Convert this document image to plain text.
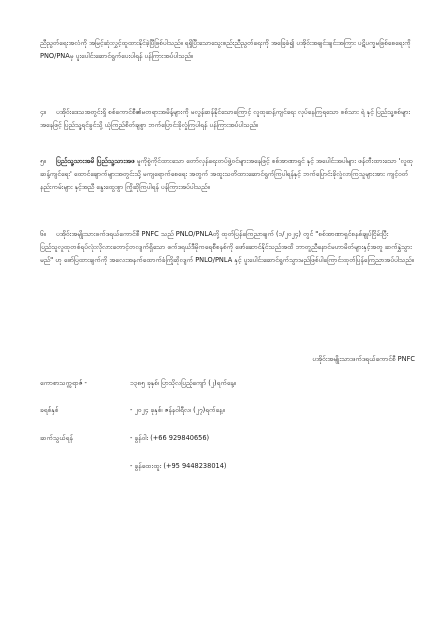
ညီညွတ်ရေးအလံကို အမြင့်ဆုံးလွှင့်ထူထားနိုင်ခဲ့ပြီဖြစ်ပါသည်။ ရရှိပြီးသောသွေးစည်းညီညွတ်ရေးကို အခြေခံ၍ ပအိုဝ်းအချင်းချင်းအကြား ပဋိပက္ခမဖြစ်စေရေးကို PNO/PNAမှ ပူးပေါင်းဆောင်ရွက်ပေးပါရန် ပန်ကြားအပ်ပါသည်။

၄။ ပအိုဝ်းဒေသအတွင်းရှိ စစ်ကောင်စီ၏မတရားအမိန့်များကို မလွန်ဆန်နိုင်သောကြောင့် လူထုဆန့်ကျင်ရေး လုပ်နေကြရသော စစ်သား ရဲ နှင့် ပြည်သူ့စစ်များအနေဖြင့် ပြည်သူ့ရင်ခွင်သို့ ယုံကြည်စိတ်ချစွာ ဘက်ပြောင်းခိုလှုံကြပါရန် ပန်ကြားအပ်ပါသည်။

၅။ ပြည်သူ့သားအမိ ပြည်သူ့သားအဖ မူကိုစွဲကိုင်ထားသော တော်လှန်ရေးတပ်ဖွဲ့ဝင်များအနေဖြင့် စစ်အာဏာရှင် နှင့် အပေါင်းအပါများ ဖန်တီးထားသော 'လူထုဆန့်ကျင်ရေး' ထောင်ချောက်များအတွင်းသို့ မကျရောက်စေရေး အတွက် အထူးသတိထားဆောင်ရွက်ကြပါရန်နှင့် ဘက်ပြောင်းခိုလှုံလာကြသူများအား ကျင့်ဝတ်နည်းကမ်းများ နှင့်အညီ နွေးထွေးစွာ ကြိုဆိုကြပါရန် ပန်ကြားအပ်ပါသည်။

၆။ ပအိုဝ်းအမျိုးသားဖက်ဒရယ်ကောင်စီ PNFC သည် PNLO/PNLAတို့ ထုတ်ပြန်ကြေညာချက် (၁/၂၀၂၄) တွင် "စစ်အာဏာရှင်စနစ်ချုပ်ငြိမ်းပြီး ပြည်သူလူထုတစ်ရပ်လုံးလိုလားတောင့်တလျက်ရှိသော ဖက်ဒရယ်ဒီမိုကရေစီစနစ်ကို ဖော်ဆောင်နိုင်သည်အထိ ဘာတူညီနောင်မဟာမိတ်များနှင့်အတူ ဆက်နွှဲသွားမည်" ဟု ဖော်ပြထားချက်ကို အလေးအနက်ထောက်ခံကြိုဆိုလျက် PNLO/PNLA နှင့် ပူးပေါင်းဆောင်ရွက်သွားမည်ဖြစ်ပါကြောင်းထုတ်ပြန်ကြေညာအပ်ပါသည်။

ပအိုဝ်းအမျိုးသားဖက်ဒရယ်ကောင်စီ PNFC
ကောစာသက္ကရာဇ် -	၁၃၈၅ ခုနှစ်၊ ပြာသိုလပြည့်ကျော် (၂)ရက်နေ့။
ခရစ်နှစ်	- ၂၀၂၄ ခုနှစ်၊ ဇန်နဝါရီလ၊ (၂၇)ရက်နေ့။
ဆက်သွယ်ရန်	- ခွန်ဝါး (+66 929840656)
- ခွန်ထေးထူး (+95 9448238014)
